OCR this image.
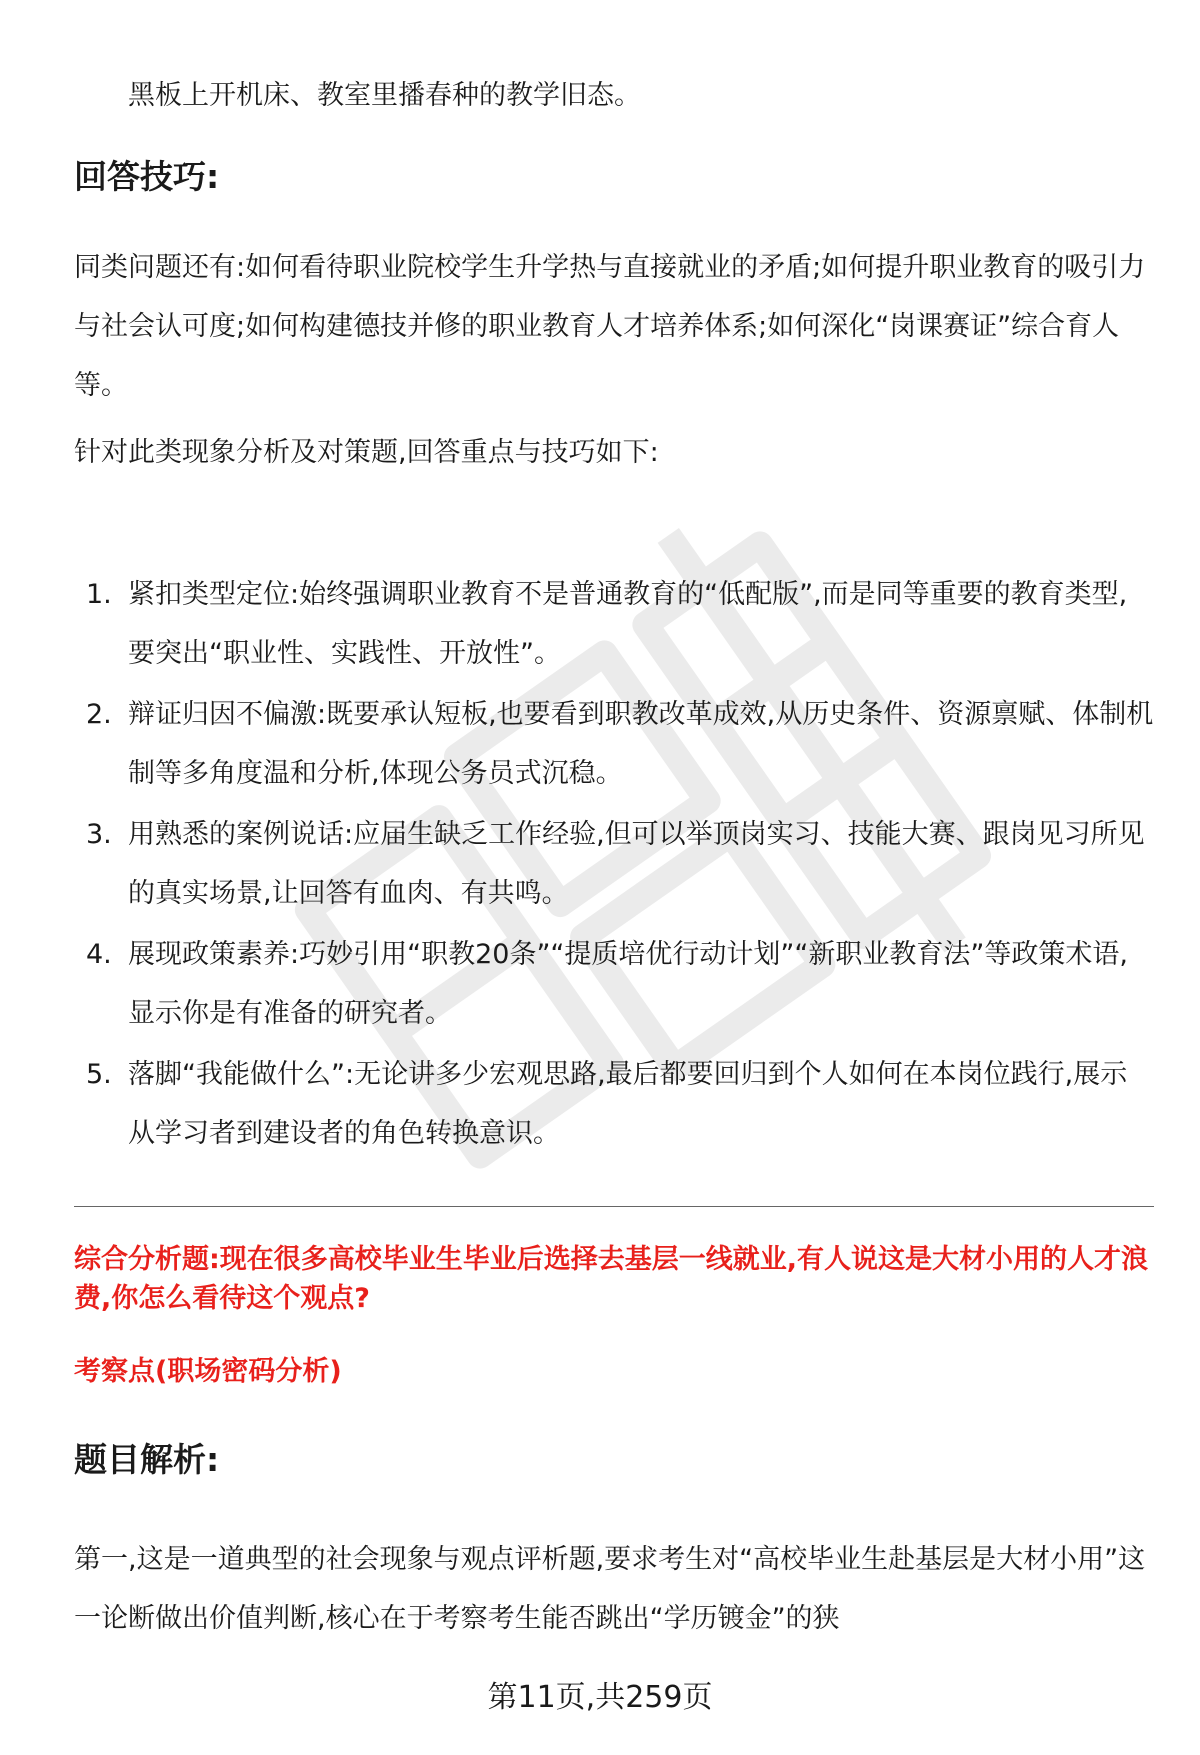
黑板上开机床、教室里播春种的教学旧态。
回答技巧:
同类问题还有:如何看待职业院校学生升学热与直接就业的矛盾;如何提升职业教育的吸引力与社会认可度;如何构建德技并修的职业教育人才培养体系;如何深化“岗课赛证”综合育人等。
针对此类现象分析及对策题,回答重点与技巧如下:
1. 紧扣类型定位:始终强调职业教育不是普通教育的“低配版”,而是同等重要的教育类型,要突出“职业性、实践性、开放性”。
2. 辩证归因不偏激:既要承认短板,也要看到职教改革成效,从历史条件、资源禀赋、体制机制等多角度温和分析,体现公务员式沉稳。
3. 用熟悉的案例说话:应届生缺乏工作经验,但可以举顶岗实习、技能大赛、跟岗见习所见的真实场景,让回答有血肉、有共鸣。
4. 展现政策素养:巧妙引用“职教20条”“提质培优行动计划”“新职业教育法”等政策术语,显示你是有准备的研究者。
5. 落脚“我能做什么”:无论讲多少宏观思路,最后都要回归到个人如何在本岗位践行,展示从学习者到建设者的角色转换意识。
综合分析题:现在很多高校毕业生毕业后选择去基层一线就业,有人说这是大材小用的人才浪费,你怎么看待这个观点?
考察点(职场密码分析)
题目解析:
第一,这是一道典型的社会现象与观点评析题,要求考生对“高校毕业生赴基层是大材小用”这一论断做出价值判断,核心在于考察考生能否跳出“学历镀金”的狭
第11页,共259页
